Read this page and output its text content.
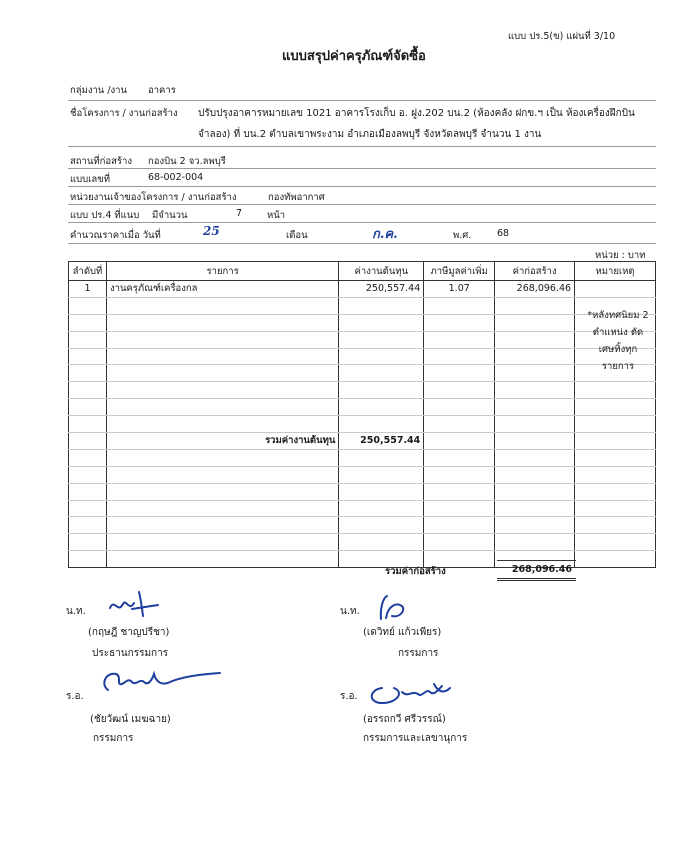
แบบ ปร.5(ข) แผ่นที่ 3/10
แบบสรุปค่าครุภัณฑ์จัดซื้อ
กลุ่มงาน /งาน อาคาร
ชื่อโครงการ / งานก่อสร้าง ปรับปรุงอาคารหมายเลข 1021 อาคารโรงเก็บ อ. ฝูง.202 บน.2 (ห้องคลัง ฝกข.ฯ เป็น ห้องเครื่องฝึกบิน
จำลอง) ที่ บน.2 ตำบลเขาพระงาม อำเภอเมืองลพบุรี จังหวัดลพบุรี จำนวน 1 งาน
สถานที่ก่อสร้าง กองบิน 2 จว.ลพบุรี
แบบเลขที่	68-002-004
หน่วยงานเจ้าของโครงการ / งานก่อสร้าง	กองทัพอากาศ
แบบ ปร.4 ที่แนบ มีจำนวน	7	หน้า
คำนวณราคาเมื่อ วันที่	25	เดือน	ก.ค.	พ.ศ.	68
หน่วย : บาท
ลำดับที่	รายการ	ค่างานต้นทุน	ภาษีมูลค่าเพิ่ม	ค่าก่อสร้าง	หมายเหตุ
1	งานครุภัณฑ์เครื่องกล	250,557.44	1.07	268,096.46	

	รวมค่างานต้นทุน	250,557.44			

*หลังทศนิยม 2
ตำแหน่ง ตัด
เศษทิ้งทุก
รายการ
รวมค่าก่อสร้าง	268,096.46
น.ท.
(กฤษฎี ชาญปรีชา)
ประธานกรรมการ
น.ท.
(เดวิทย์ แก้วเพียร)
กรรมการ
ร.อ.
(ชัยวัฒน์ เมฆฉาย)
กรรมการ
ร.อ.
(อรรถกวี ศรีวรรณ์)
กรรมการและเลขานุการ
